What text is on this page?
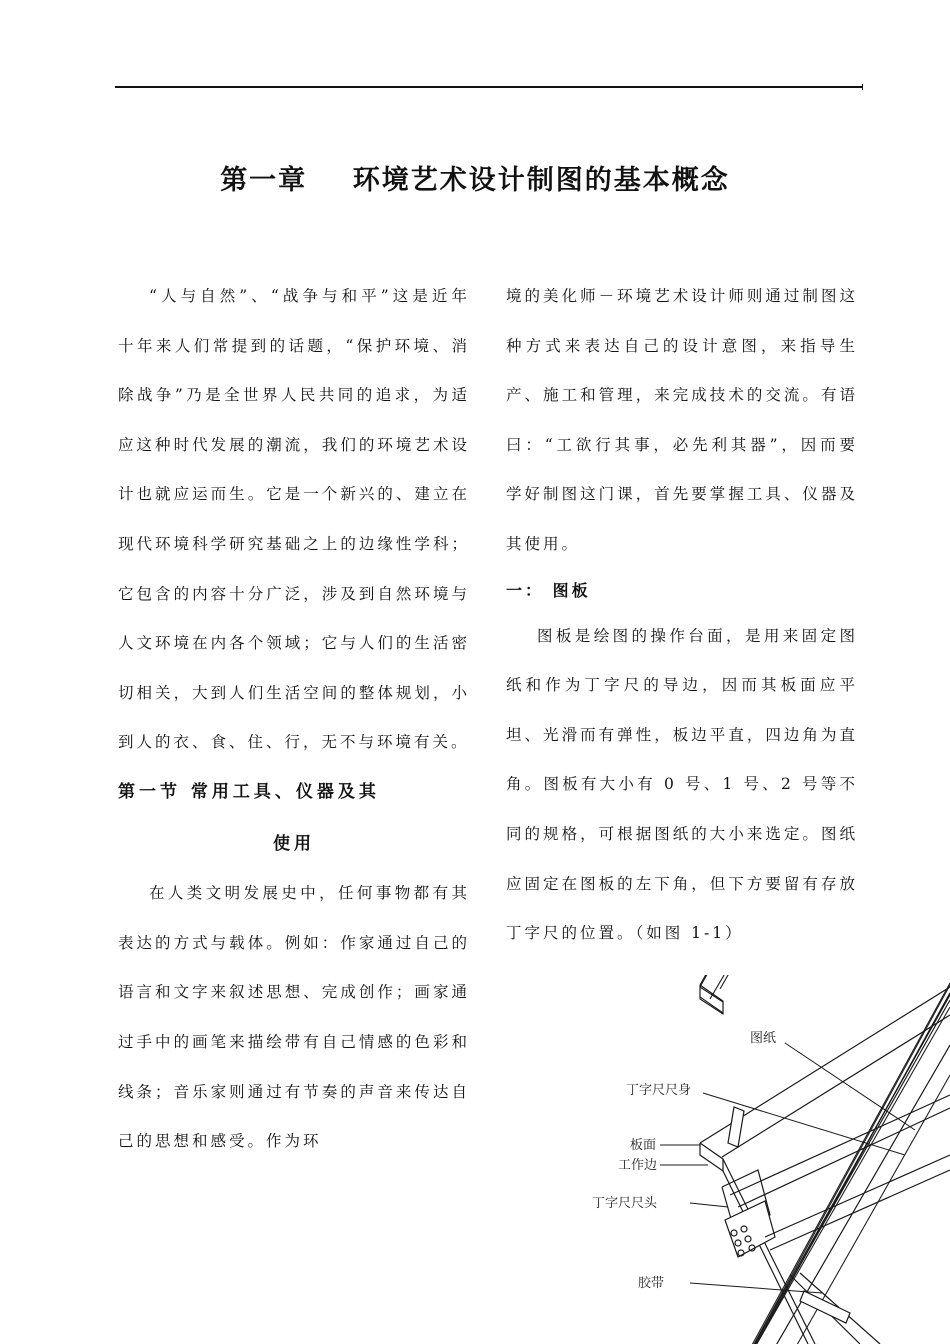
第一章    环境艺术设计制图的基本概念
“人与自然”、“战争与和平”这是近年十年来人们常提到的话题，“保护环境、消除战争”乃是全世界人民共同的追求，为适应这种时代发展的潮流，我们的环境艺术设计也就应运而生。它是一个新兴的、建立在现代环境科学研究基础之上的边缘性学科；它包含的内容十分广泛，涉及到自然环境与人文环境在内各个领域；它与人们的生活密切相关，大到人们生活空间的整体规划，小到人的衣、食、住、行，无不与环境有关。
第一节 常用工具、仪器及其
使用
在人类文明发展史中，任何事物都有其表达的方式与载体。例如：作家通过自己的语言和文字来叙述思想、完成创作；画家通过手中的画笔来描绘带有自己情感的色彩和线条；音乐家则通过有节奏的声音来传达自己的思想和感受。作为环
境的美化师－环境艺术设计师则通过制图这种方式来表达自己的设计意图，来指导生产、施工和管理，来完成技术的交流。有语曰：“工欲行其事，必先利其器”，因而要学好制图这门课，首先要掌握工具、仪器及其使用。
一： 图板
图板是绘图的操作台面，是用来固定图纸和作为丁字尺的导边，因而其板面应平坦、光滑而有弹性，板边平直，四边角为直角。图板有大小有 0 号、1 号、2 号等不同的规格，可根据图纸的大小来选定。图纸应固定在图板的左下角，但下方要留有存放丁字尺的位置。（如图 1-1）
图纸
丁字尺尺身
板面
工作边
丁字尺尺头
胶带
